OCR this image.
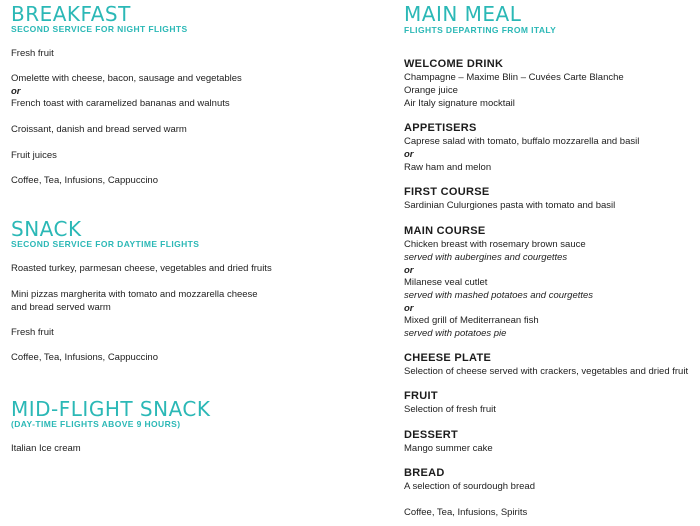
BREAKFAST
SECOND SERVICE FOR NIGHT FLIGHTS
Fresh fruit
Omelette with cheese, bacon, sausage and vegetables
or
French toast with caramelized bananas and walnuts
Croissant, danish and bread served warm
Fruit juices
Coffee, Tea, Infusions, Cappuccino
SNACK
SECOND SERVICE FOR DAYTIME FLIGHTS
Roasted turkey, parmesan cheese, vegetables and dried fruits
Mini pizzas margherita with tomato and mozzarella cheese
and bread served warm
Fresh fruit
Coffee, Tea, Infusions, Cappuccino
MID-FLIGHT SNACK
(DAY-TIME FLIGHTS ABOVE 9 HOURS)
Italian Ice cream
MAIN MEAL
FLIGHTS DEPARTING FROM ITALY
WELCOME DRINK
Champagne – Maxime Blin – Cuvées Carte Blanche
Orange juice
Air Italy signature mocktail
APPETISERS
Caprese salad with tomato, buffalo mozzarella and basil
or
Raw ham and melon
FIRST COURSE
Sardinian Culurgiones pasta with tomato and basil
MAIN COURSE
Chicken breast with rosemary brown sauce
served with aubergines and courgettes
or
Milanese veal cutlet
served with mashed potatoes and courgettes
or
Mixed grill of Mediterranean fish
served with potatoes pie
CHEESE PLATE
Selection of cheese served with crackers, vegetables and dried fruit
FRUIT
Selection of fresh fruit
DESSERT
Mango summer cake
BREAD
A selection of sourdough bread
Coffee, Tea, Infusions, Spirits
